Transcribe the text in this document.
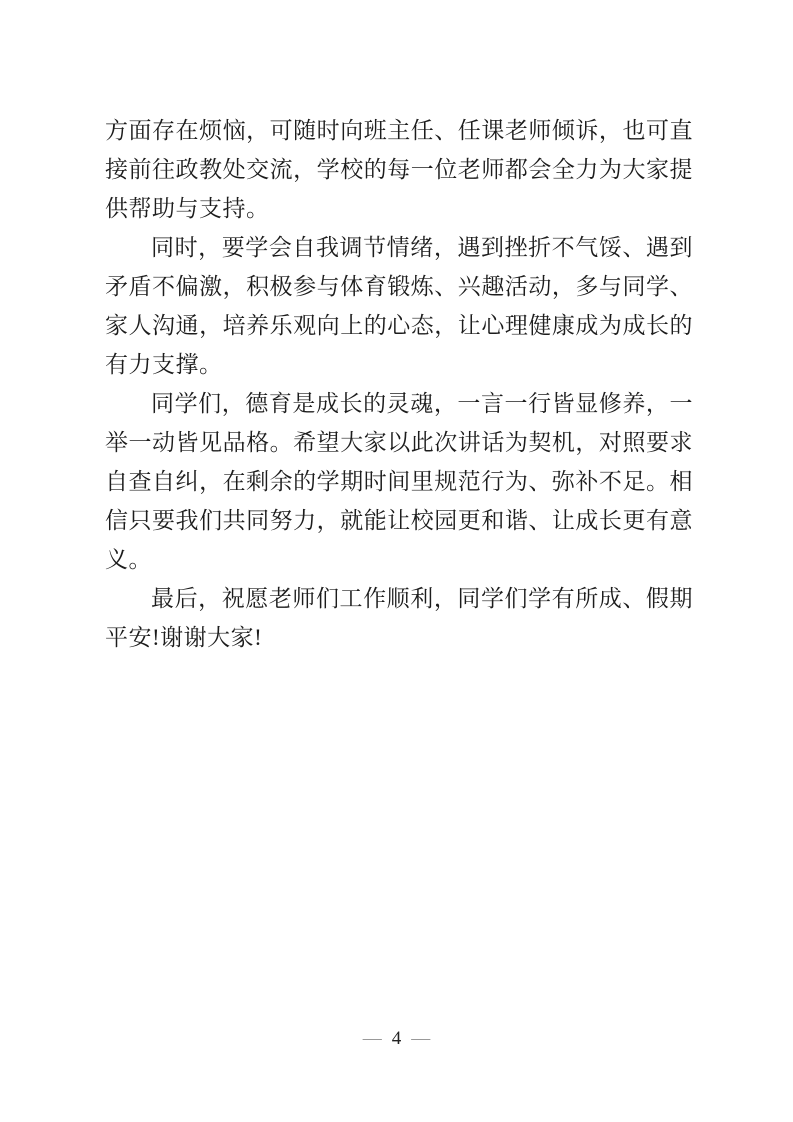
方面存在烦恼，可随时向班主任、任课老师倾诉，也可直接前往政教处交流，学校的每一位老师都会全力为大家提供帮助与支持。

同时，要学会自我调节情绪，遇到挫折不气馁、遇到矛盾不偏激，积极参与体育锻炼、兴趣活动，多与同学、家人沟通，培养乐观向上的心态，让心理健康成为成长的有力支撑。

同学们，德育是成长的灵魂，一言一行皆显修养，一举一动皆见品格。希望大家以此次讲话为契机，对照要求自查自纠，在剩余的学期时间里规范行为、弥补不足。相信只要我们共同努力，就能让校园更和谐、让成长更有意义。

最后，祝愿老师们工作顺利，同学们学有所成、假期平安!谢谢大家!

— 4 —
